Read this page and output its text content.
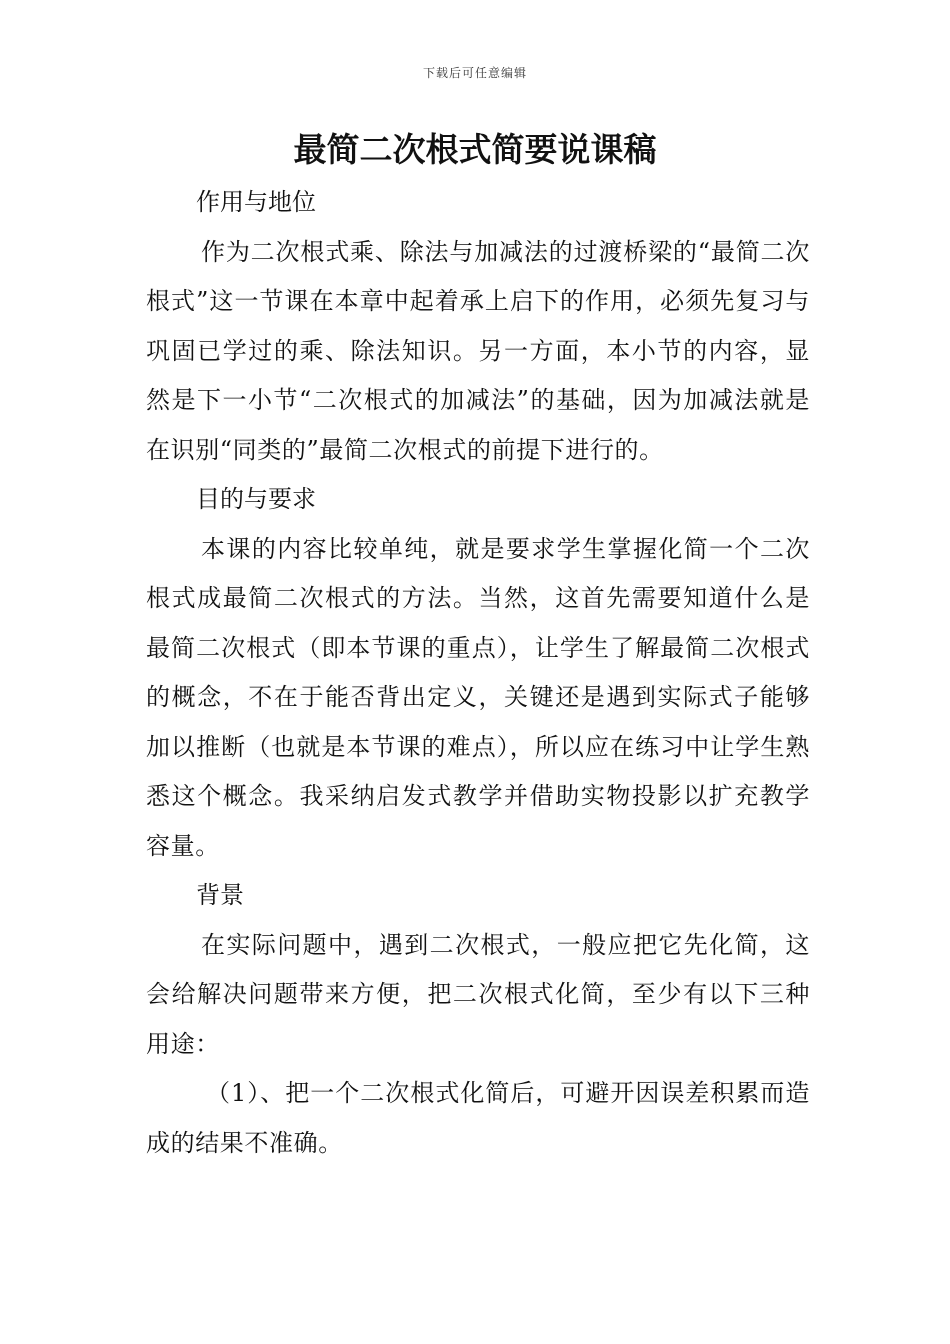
下载后可任意编辑
最简二次根式简要说课稿
作用与地位

作为二次根式乘、除法与加减法的过渡桥梁的“最简二次根式”这一节课在本章中起着承上启下的作用，必须先复习与巩固已学过的乘、除法知识。另一方面，本小节的内容，显然是下一小节“二次根式的加减法”的基础，因为加减法就是在识别“同类的”最简二次根式的前提下进行的。

目的与要求

本课的内容比较单纯，就是要求学生掌握化简一个二次根式成最简二次根式的方法。当然，这首先需要知道什么是最简二次根式（即本节课的重点），让学生了解最简二次根式的概念，不在于能否背出定义，关键还是遇到实际式子能够加以推断（也就是本节课的难点），所以应在练习中让学生熟悉这个概念。我采纳启发式教学并借助实物投影以扩充教学容量。

背景

在实际问题中，遇到二次根式，一般应把它先化简，这会给解决问题带来方便，把二次根式化简，至少有以下三种用途：

（1）、把一个二次根式化简后，可避开因误差积累而造成的结果不准确。
